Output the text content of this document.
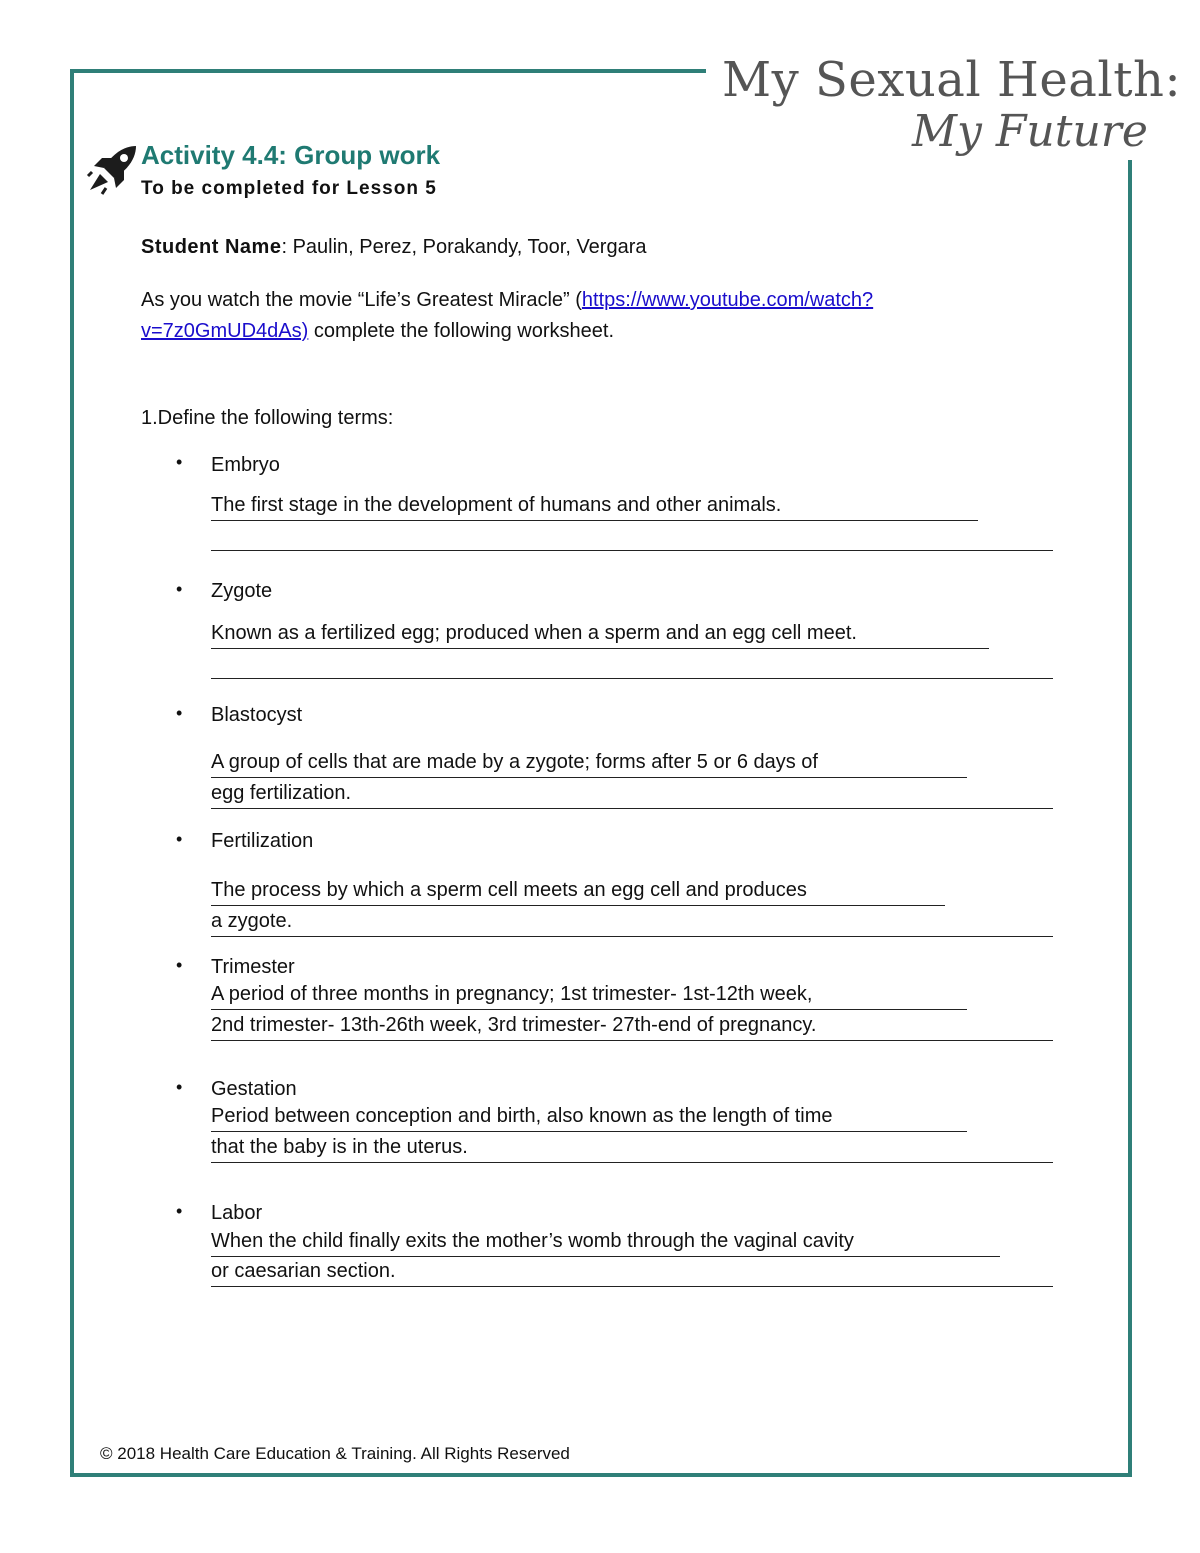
My Sexual Health:
My Future
Activity 4.4: Group work
To be completed for Lesson 5
Student Name: Paulin, Perez, Porakandy, Toor, Vergara
As you watch the movie “Life’s Greatest Miracle” (https://www.youtube.com/watch?v=7z0GmUD4dAs) complete the following worksheet.
1.Define the following terms:
• Embryo
The first stage in the development of humans and other animals.
• Zygote
Known as a fertilized egg; produced when a sperm and an egg cell meet.
• Blastocyst
A group of cells that are made by a zygote; forms after 5 or 6 days of
egg fertilization.
• Fertilization
The process by which a sperm cell meets an egg cell and produces
a zygote.
• Trimester
A period of three months in pregnancy; 1st trimester- 1st-12th week,
2nd trimester- 13th-26th week, 3rd trimester- 27th-end of pregnancy.
• Gestation
Period between conception and birth, also known as the length of time
that the baby is in the uterus.
• Labor
When the child finally exits the mother’s womb through the vaginal cavity
or caesarian section.
© 2018 Health Care Education & Training. All Rights Reserved
